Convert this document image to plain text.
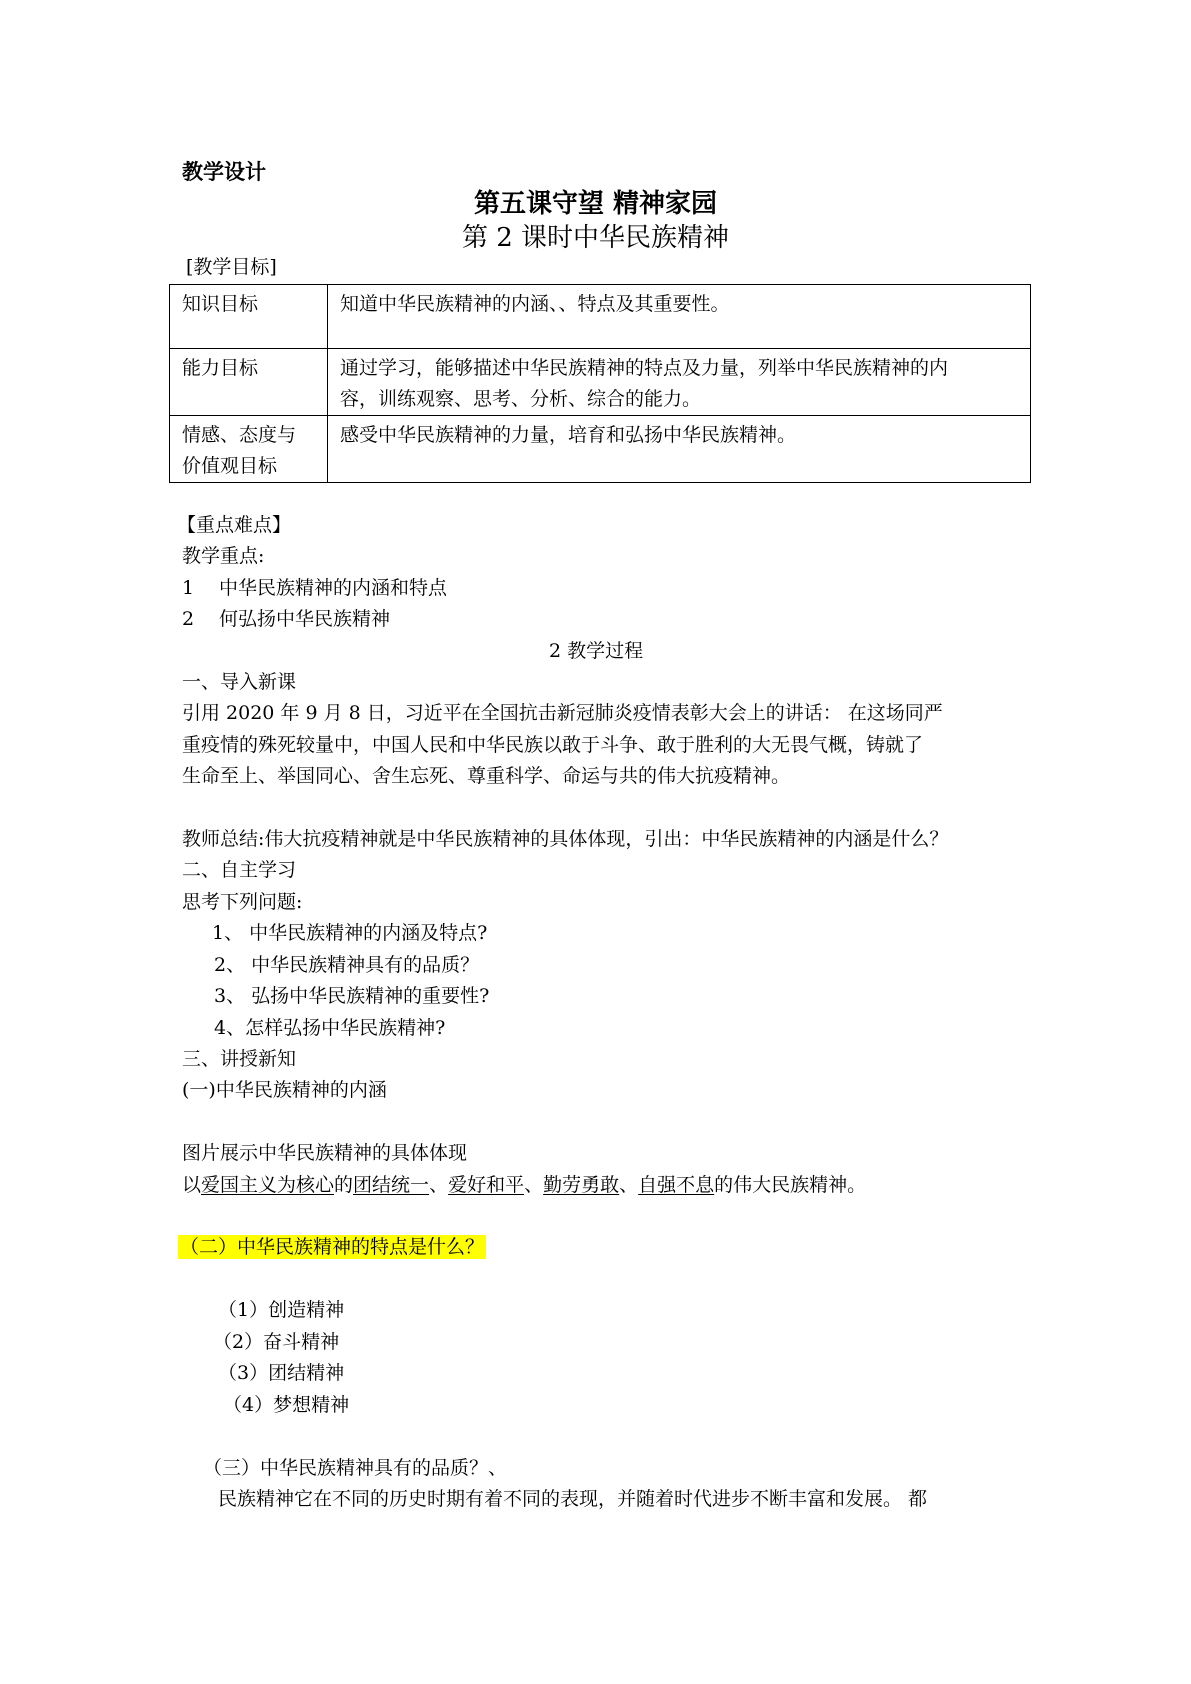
教学设计
第五课守望 精神家园
第 2 课时中华民族精神
[教学目标]
知识目标	知道中华民族精神的内涵、、特点及其重要性。

能力目标	通过学习，能够描述中华民族精神的特点及力量，列举中华民族精神的内
容，训练观察、思考、分析、综合的能力。

情感、态度与
价值观目标	感受中华民族精神的力量，培育和弘扬中华民族精神。
【重点难点】
教学重点:
1 中华民族精神的内涵和特点
2 何弘扬中华民族精神
2 教学过程
一、导入新课
引用 2020 年 9 月 8 日，习近平在全国抗击新冠肺炎疫情表彰大会上的讲话： 在这场同严
重疫情的殊死较量中，中国人民和中华民族以敢于斗争、敢于胜利的大无畏气概，铸就了
生命至上、举国同心、舍生忘死、尊重科学、命运与共的伟大抗疫精神。
教师总结:伟大抗疫精神就是中华民族精神的具体体现，引出：中华民族精神的内涵是什么？
二、自主学习
思考下列问题:
1、 中华民族精神的内涵及特点?
2、 中华民族精神具有的品质？
3、 弘扬中华民族精神的重要性?
4、怎样弘扬中华民族精神?
三、讲授新知
(一)中华民族精神的内涵
图片展示中华民族精神的具体体现
以爱国主义为核心的团结统一、爱好和平、勤劳勇敢、自强不息的伟大民族精神。
（二）中华民族精神的特点是什么？
（1）创造精神
（2）奋斗精神
（3）团结精神
（4）梦想精神
（三）中华民族精神具有的品质？、
民族精神它在不同的历史时期有着不同的表现，并随着时代进步不断丰富和发展。 都
